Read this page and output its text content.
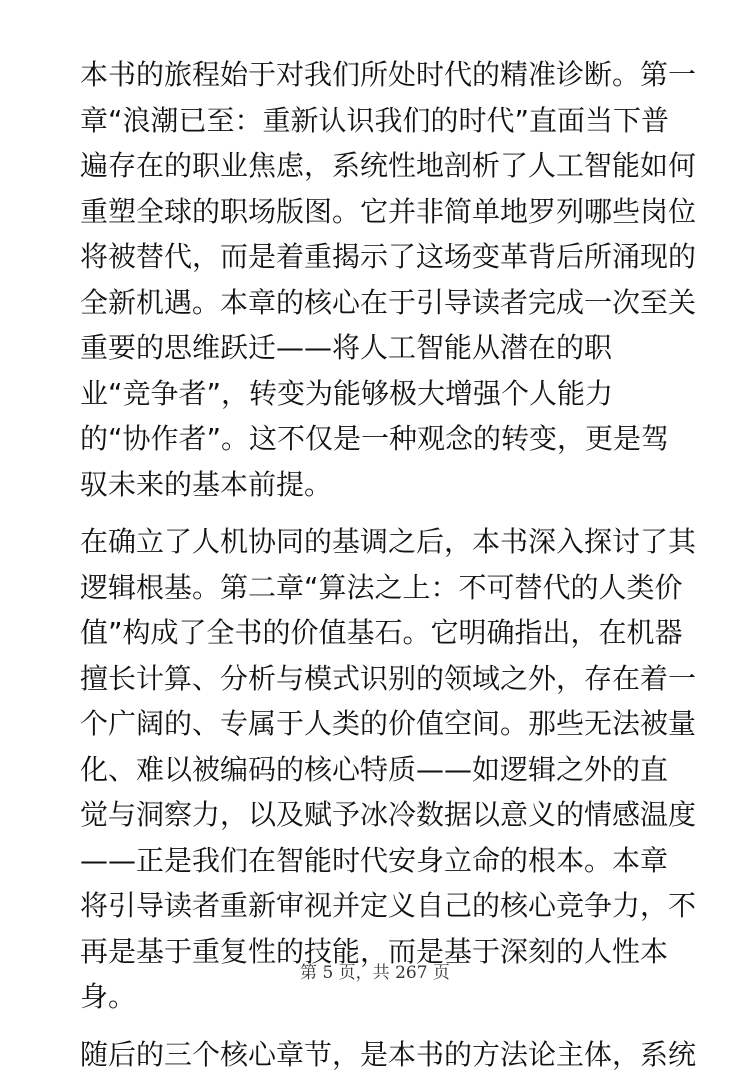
本书的旅程始于对我们所处时代的精准诊断。第一
章“浪潮已至：重新认识我们的时代”直面当下普
遍存在的职业焦虑，系统性地剖析了人工智能如何
重塑全球的职场版图。它并非简单地罗列哪些岗位
将被替代，而是着重揭示了这场变革背后所涌现的
全新机遇。本章的核心在于引导读者完成一次至关
重要的思维跃迁——将人工智能从潜在的职
业“竞争者”，转变为能够极大增强个人能力
的“协作者”。这不仅是一种观念的转变，更是驾
驭未来的基本前提。
在确立了人机协同的基调之后，本书深入探讨了其
逻辑根基。第二章“算法之上：不可替代的人类价
值”构成了全书的价值基石。它明确指出，在机器
擅长计算、分析与模式识别的领域之外，存在着一
个广阔的、专属于人类的价值空间。那些无法被量
化、难以被编码的核心特质——如逻辑之外的直
觉与洞察力，以及赋予冰冷数据以意义的情感温度
——正是我们在智能时代安身立命的根本。本章
将引导读者重新审视并定义自己的核心竞争力，不
再是基于重复性的技能，而是基于深刻的人性本
身。
随后的三个核心章节，是本书的方法论主体，系统
第 5 页，共 267 页
